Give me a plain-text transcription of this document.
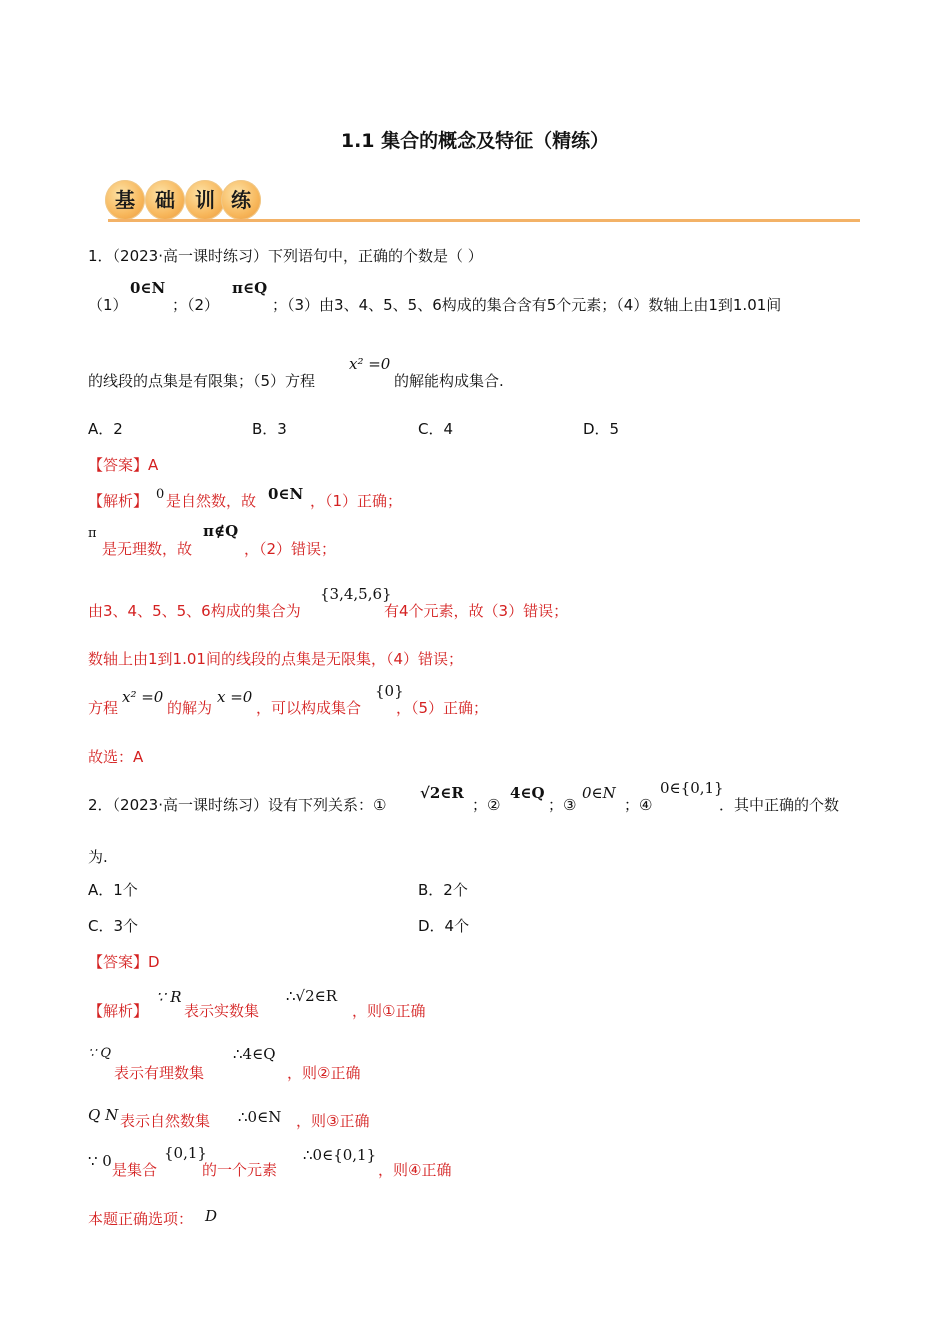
1.1 集合的概念及特征（精练）
基	础	训 练
1．（2023·高一课时练习）下列语句中，正确的个数是（ ）
（1）
0∈N
；（2）
π∈Q
；（3）由3、4、5、5、6构成的集合含有5个元素；（4）数轴上由1到1.01间
的线段的点集是有限集；（5）方程
x² =0
的解能构成集合.
A．2	B．3	C．4	D．5
【答案】A
【解析】 0 是自然数，故 0∈N ，（1）正确；
π
是无理数，故
π∉Q
，（2）错误；
由3、4、5、5、6构成的集合为
{3,4,5,6}
有4个元素，故（3）错误；
数轴上由1到1.01间的线段的点集是无限集，（4）错误；
方程
x² =0
的解为
x =0
，可以构成集合
{0}
，（5）正确；
故选：A
2．（2023·高一课时练习）设有下列关系：①
√2∈R
；②
4∈Q
；③
0∈N
；④
0∈{0,1}
．其中正确的个数
为.
A．1个	B．2个
C．3个	D．4个
【答案】D
【解析】
∵ R
表示实数集
∴√2∈R
，则①正确
∵ Q
表示有理数集
∴4∈Q
，则②正确
Q N 表示自然数集 ∴0∈N ，则③正确
∵ 0 是集合
{0,1}
的一个元素
∴0∈{0,1}
，则④正确
本题正确选项： D
